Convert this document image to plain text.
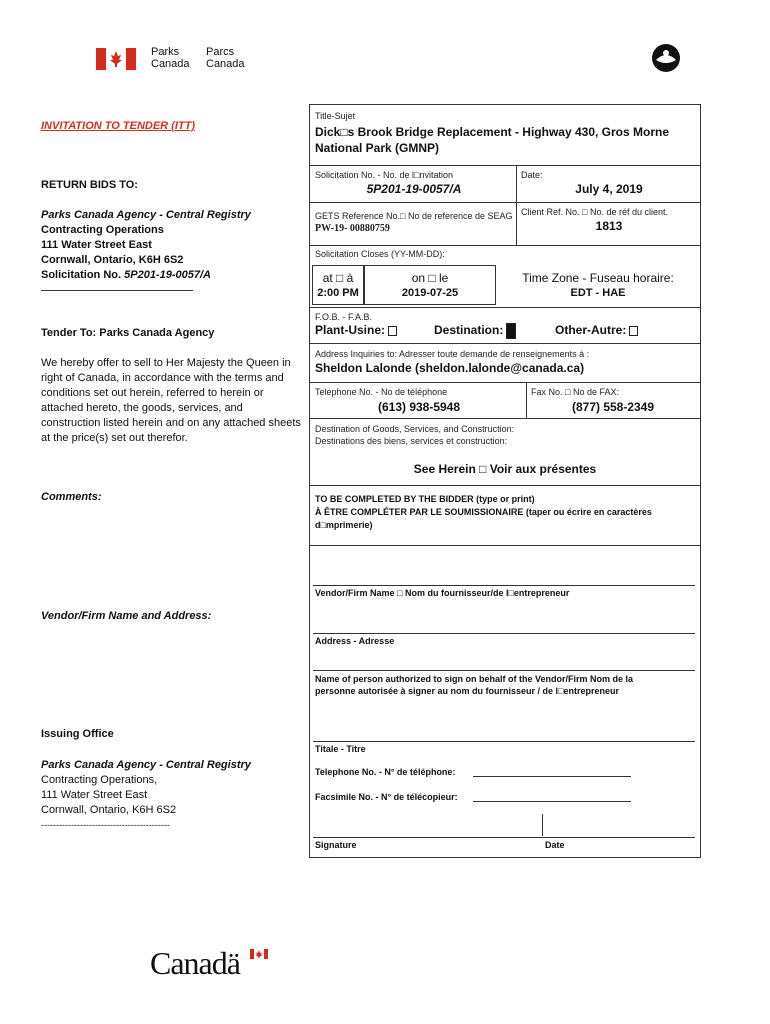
Parks
Canada
Parcs
Canada
INVITATION TO TENDER (ITT)
RETURN BIDS TO:
Parks Canada Agency - Central Registry
Contracting Operations
111 Water Street East
Cornwall, Ontario, K6H 6S2
Solicitation No. 5P201-19-0057/A
———————————————————
Tender To: Parks Canada Agency
We hereby offer to sell to Her Majesty the Queen in right of Canada, in accordance with the terms and conditions set out herein, referred to herein or attached hereto, the goods, services, and construction listed herein and on any attached sheets at the price(s) set out therefor.
Comments:
Vendor/Firm Name and Address:
Issuing Office
Parks Canada Agency - Central Registry
Contracting Operations,
111 Water Street East
Cornwall, Ontario, K6H 6S2
-------------------------------------------
Title-Sujet
Dick□s Brook Bridge Replacement - Highway 430, Gros Morne National Park (GMNP)
Solicitation No. - No. de l□nvitation
5P201-19-0057/A
Date:
July 4, 2019
GETS Reference No.□ No de reference de SEAG PW-19- 00880759
Client Ref. No. □ No. de réf du client.
1813
Solicitation Closes (YY-MM-DD):
at □ à
2:00 PM
on □ le
2019-07-25
Time Zone - Fuseau horaire:
EDT - HAE
F.O.B. - F.A.B.
Plant-Usine:	Destination:	Other-Autre:
Address Inquiries to: Adresser toute demande de renseignements à :
Sheldon Lalonde (sheldon.lalonde@canada.ca)
Telephone No. - No de téléphone
(613) 938-5948
Fax No. □ No de FAX:
(877) 558-2349
Destination of Goods, Services, and Construction:
Destinations des biens, services et construction:
See Herein □ Voir aux présentes
TO BE COMPLETED BY THE BIDDER (type or print)
À ÊTRE COMPLÉTER PAR LE SOUMISSIONAIRE (taper ou écrire en caractères d□mprimerie)
Vendor/Firm Name □ Nom du fournisseur/de l□entrepreneur
Address - Adresse
Name of person authorized to sign on behalf of the Vendor/Firm Nom de la personne autorisée à signer au nom du fournisseur / de l□entrepreneur
Titale - Titre
Telephone No. - N° de téléphone:
Facsimile No. - N° de télécopieur:
Signature	Date
Canadä
